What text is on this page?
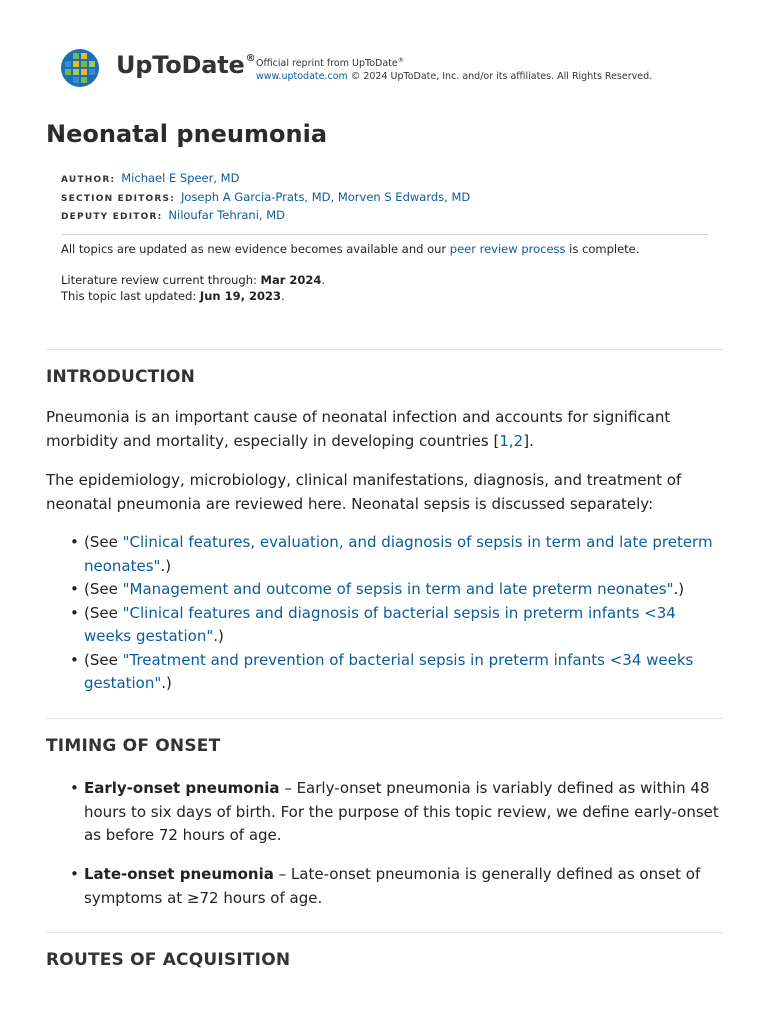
UpToDate® Official reprint from UpToDate®
www.uptodate.com © 2024 UpToDate, Inc. and/or its affiliates. All Rights Reserved.
Neonatal pneumonia
AUTHOR: Michael E Speer, MD
SECTION EDITORS: Joseph A Garcia-Prats, MD, Morven S Edwards, MD
DEPUTY EDITOR: Niloufar Tehrani, MD

All topics are updated as new evidence becomes available and our peer review process is complete.

Literature review current through: Mar 2024.

This topic last updated: Jun 19, 2023.

INTRODUCTION

Pneumonia is an important cause of neonatal infection and accounts for significant morbidity and mortality, especially in developing countries [1,2].

The epidemiology, microbiology, clinical manifestations, diagnosis, and treatment of neonatal pneumonia are reviewed here. Neonatal sepsis is discussed separately:

• (See "Clinical features, evaluation, and diagnosis of sepsis in term and late preterm neonates".)
• (See "Management and outcome of sepsis in term and late preterm neonates".)
• (See "Clinical features and diagnosis of bacterial sepsis in preterm infants <34 weeks gestation".)
• (See "Treatment and prevention of bacterial sepsis in preterm infants <34 weeks gestation".)
TIMING OF ONSET
• Early-onset pneumonia – Early-onset pneumonia is variably defined as within 48 hours to six days of birth. For the purpose of this topic review, we define early-onset as before 72 hours of age.
• Late-onset pneumonia – Late-onset pneumonia is generally defined as onset of symptoms at ≥72 hours of age.
ROUTES OF ACQUISITION
